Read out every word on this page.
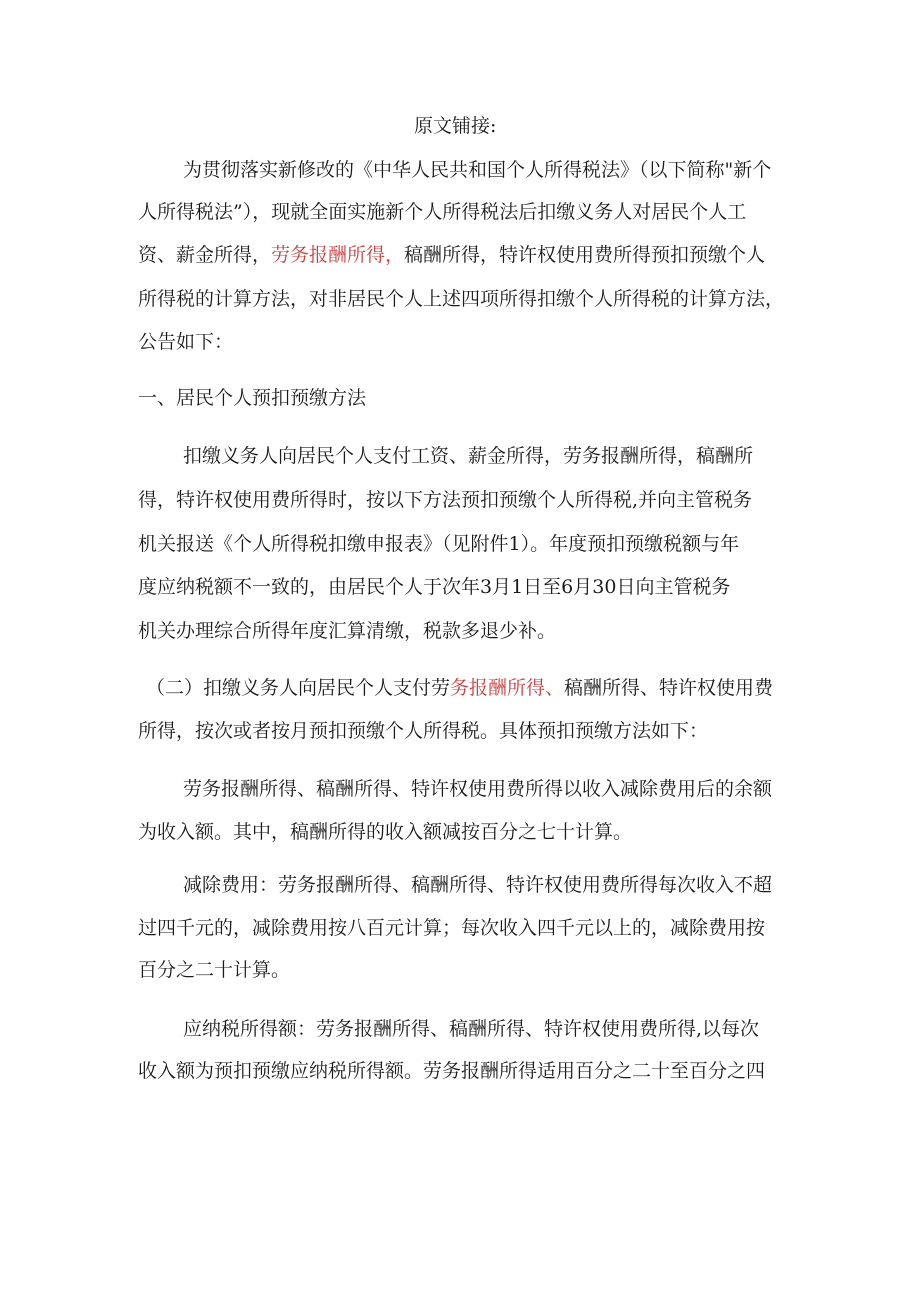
原文铺接:

为贯彻落实新修改的《中华人民共和国个人所得税法》（以下简称"新个

人所得税法”），现就全面实施新个人所得税法后扣缴义务人对居民个人工

资、薪金所得，劳务报酬所得，稿酬所得，特许权使用费所得预扣预缴个人

所得税的计算方法，对非居民个人上述四项所得扣缴个人所得税的计算方法，

公告如下：

一、居民个人预扣预缴方法

扣缴义务人向居民个人支付工资、薪金所得，劳务报酬所得，稿酬所

得，特许权使用费所得时，按以下方法预扣预缴个人所得税,并向主管税务

机关报送《个人所得税扣缴申报表》（见附件1）。年度预扣预缴税额与年

度应纳税额不一致的，由居民个人于次年3月1日至6月30日向主管税务

机关办理综合所得年度汇算清缴，税款多退少补。

（二）扣缴义务人向居民个人支付劳务报酬所得、稿酬所得、特许权使用费

所得，按次或者按月预扣预缴个人所得税。具体预扣预缴方法如下：

劳务报酬所得、稿酬所得、特许权使用费所得以收入减除费用后的余额

为收入额。其中，稿酬所得的收入额减按百分之七十计算。

减除费用：劳务报酬所得、稿酬所得、特许权使用费所得每次收入不超

过四千元的，减除费用按八百元计算；每次收入四千元以上的，减除费用按

百分之二十计算。

应纳税所得额：劳务报酬所得、稿酬所得、特许权使用费所得,以每次

收入额为预扣预缴应纳税所得额。劳务报酬所得适用百分之二十至百分之四
